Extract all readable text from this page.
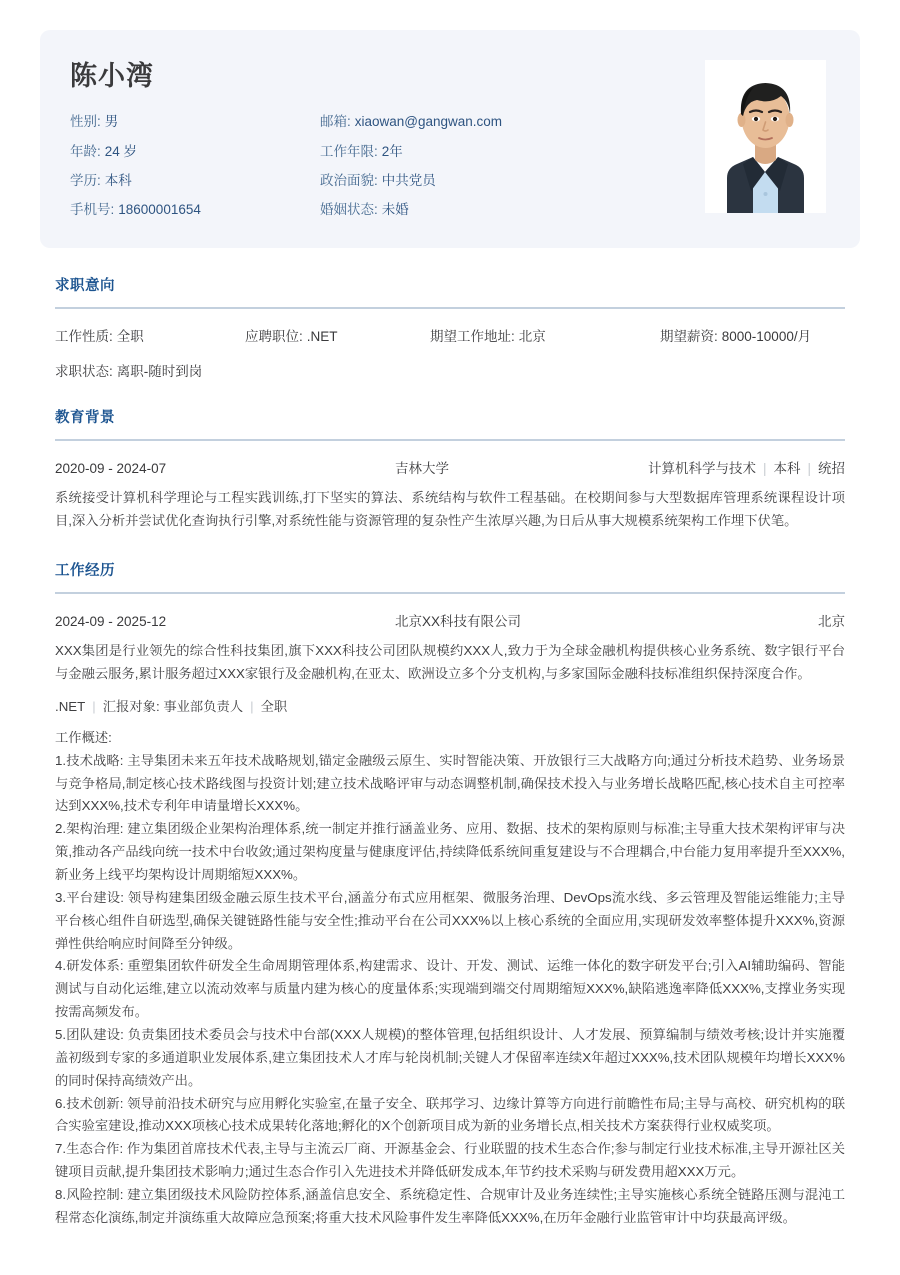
陈小湾
性别: 男	邮箱: xiaowan@gangwan.com
年龄: 24 岁	工作年限: 2年
学历: 本科	政治面貌: 中共党员
手机号: 18600001654	婚姻状态: 未婚
求职意向
工作性质: 全职	应聘职位: .NET	期望工作地址: 北京	期望薪资: 8000-10000/月
求职状态: 离职-随时到岗
教育背景
2020-09 - 2024-07	吉林大学	计算机科学与技术 | 本科 | 统招
系统接受计算机科学理论与工程实践训练,打下坚实的算法、系统结构与软件工程基础。在校期间参与大型数据库管理系统课程设计项目,深入分析并尝试优化查询执行引擎,对系统性能与资源管理的复杂性产生浓厚兴趣,为日后从事大规模系统架构工作埋下伏笔。
工作经历
2024-09 - 2025-12	北京XX科技有限公司	北京
XXX集团是行业领先的综合性科技集团,旗下XXX科技公司团队规模约XXX人,致力于为全球金融机构提供核心业务系统、数字银行平台与金融云服务,累计服务超过XXX家银行及金融机构,在亚太、欧洲设立多个分支机构,与多家国际金融科技标准组织保持深度合作。
.NET | 汇报对象: 事业部负责人 | 全职
工作概述:
1.技术战略: 主导集团未来五年技术战略规划,锚定金融级云原生、实时智能决策、开放银行三大战略方向;通过分析技术趋势、业务场景与竞争格局,制定核心技术路线图与投资计划;建立技术战略评审与动态调整机制,确保技术投入与业务增长战略匹配,核心技术自主可控率达到XXX%,技术专利年申请量增长XXX%。
2.架构治理: 建立集团级企业架构治理体系,统一制定并推行涵盖业务、应用、数据、技术的架构原则与标准;主导重大技术架构评审与决策,推动各产品线向统一技术中台收敛;通过架构度量与健康度评估,持续降低系统间重复建设与不合理耦合,中台能力复用率提升至XXX%,新业务上线平均架构设计周期缩短XXX%。
3.平台建设: 领导构建集团级金融云原生技术平台,涵盖分布式应用框架、微服务治理、DevOps流水线、多云管理及智能运维能力;主导平台核心组件自研选型,确保关键链路性能与安全性;推动平台在公司XXX%以上核心系统的全面应用,实现研发效率整体提升XXX%,资源弹性供给响应时间降至分钟级。
4.研发体系: 重塑集团软件研发全生命周期管理体系,构建需求、设计、开发、测试、运维一体化的数字研发平台;引入AI辅助编码、智能测试与自动化运维,建立以流动效率与质量内建为核心的度量体系;实现端到端交付周期缩短XXX%,缺陷逃逸率降低XXX%,支撑业务实现按需高频发布。
5.团队建设: 负责集团技术委员会与技术中台部(XXX人规模)的整体管理,包括组织设计、人才发展、预算编制与绩效考核;设计并实施覆盖初级到专家的多通道职业发展体系,建立集团技术人才库与轮岗机制;关键人才保留率连续X年超过XXX%,技术团队规模年均增长XXX%的同时保持高绩效产出。
6.技术创新: 领导前沿技术研究与应用孵化实验室,在量子安全、联邦学习、边缘计算等方向进行前瞻性布局;主导与高校、研究机构的联合实验室建设,推动XXX项核心技术成果转化落地;孵化的X个创新项目成为新的业务增长点,相关技术方案获得行业权威奖项。
7.生态合作: 作为集团首席技术代表,主导与主流云厂商、开源基金会、行业联盟的技术生态合作;参与制定行业技术标准,主导开源社区关键项目贡献,提升集团技术影响力;通过生态合作引入先进技术并降低研发成本,年节约技术采购与研发费用超XXX万元。
8.风险控制: 建立集团级技术风险防控体系,涵盖信息安全、系统稳定性、合规审计及业务连续性;主导实施核心系统全链路压测与混沌工程常态化演练,制定并演练重大故障应急预案;将重大技术风险事件发生率降低XXX%,在历年金融行业监管审计中均获最高评级。
